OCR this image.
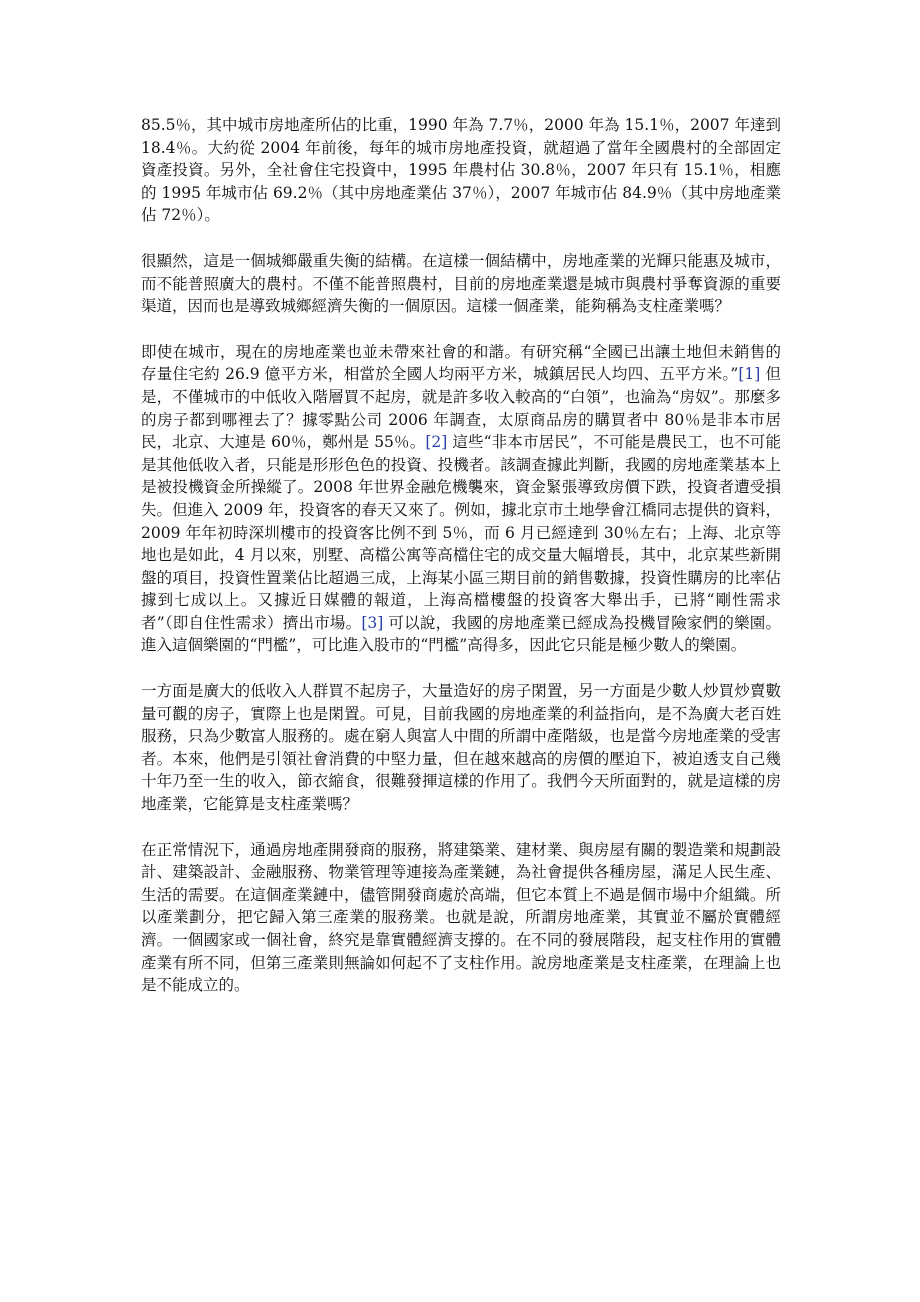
85.5％，其中城市房地產所佔的比重，1990 年為 7.7％，2000 年為 15.1％，2007 年達到 18.4％。大約從 2004 年前後，每年的城市房地產投資，就超過了當年全國農村的全部固定資產投資。另外，全社會住宅投資中，1995 年農村佔 30.8％，2007 年只有 15.1％，相應的 1995 年城市佔 69.2％（其中房地產業佔 37％），2007 年城市佔 84.9％（其中房地產業佔 72％）。

很顯然，這是一個城鄉嚴重失衡的結構。在這樣一個結構中，房地產業的光輝只能惠及城市，而不能普照廣大的農村。不僅不能普照農村，目前的房地產業還是城市與農村爭奪資源的重要渠道，因而也是導致城鄉經濟失衡的一個原因。這樣一個產業，能夠稱為支柱產業嗎？

即使在城市，現在的房地產業也並未帶來社會的和諧。有研究稱“全國已出讓土地但未銷售的存量住宅約 26.9 億平方米，相當於全國人均兩平方米，城鎮居民人均四、五平方米。”[1] 但是，不僅城市的中低收入階層買不起房，就是許多收入較高的“白領”，也淪為“房奴”。那麼多的房子都到哪裡去了？據零點公司 2006 年調查，太原商品房的購買者中 80％是非本市居民，北京、大連是 60％，鄭州是 55％。[2] 這些“非本市居民”，不可能是農民工，也不可能是其他低收入者，只能是形形色色的投資、投機者。該調查據此判斷，我國的房地產業基本上是被投機資金所操縱了。2008 年世界金融危機襲來，資金緊張導致房價下跌，投資者遭受損失。但進入 2009 年，投資客的春天又來了。例如，據北京市土地學會江橋同志提供的資料，2009 年年初時深圳樓市的投資客比例不到 5％，而 6 月已經達到 30％左右；上海、北京等地也是如此，4 月以來，別墅、高檔公寓等高檔住宅的成交量大幅增長，其中，北京某些新開盤的項目，投資性置業佔比超過三成，上海某小區三期目前的銷售數據，投資性購房的比率佔據到七成以上。又據近日媒體的報道，上海高檔樓盤的投資客大舉出手，已將“剛性需求者”（即自住性需求）擠出市場。[3] 可以說，我國的房地產業已經成為投機冒險家們的樂園。進入這個樂園的“門檻”，可比進入股市的“門檻”高得多，因此它只能是極少數人的樂園。

一方面是廣大的低收入人群買不起房子，大量造好的房子閑置，另一方面是少數人炒買炒賣數量可觀的房子，實際上也是閑置。可見，目前我國的房地產業的利益指向，是不為廣大老百姓服務，只為少數富人服務的。處在窮人與富人中間的所謂中產階級，也是當今房地產業的受害者。本來，他們是引領社會消費的中堅力量，但在越來越高的房價的壓迫下，被迫透支自己幾十年乃至一生的收入，節衣縮食，很難發揮這樣的作用了。我們今天所面對的，就是這樣的房地產業，它能算是支柱產業嗎？

在正常情況下，通過房地產開發商的服務，將建築業、建材業、與房屋有關的製造業和規劃設計、建築設計、金融服務、物業管理等連接為產業鏈，為社會提供各種房屋，滿足人民生產、生活的需要。在這個產業鏈中，儘管開發商處於高端，但它本質上不過是個市場中介組織。所以產業劃分，把它歸入第三產業的服務業。也就是說，所謂房地產業，其實並不屬於實體經濟。一個國家或一個社會，終究是靠實體經濟支撐的。在不同的發展階段，起支柱作用的實體產業有所不同，但第三產業則無論如何起不了支柱作用。說房地產業是支柱產業，在理論上也是不能成立的。
